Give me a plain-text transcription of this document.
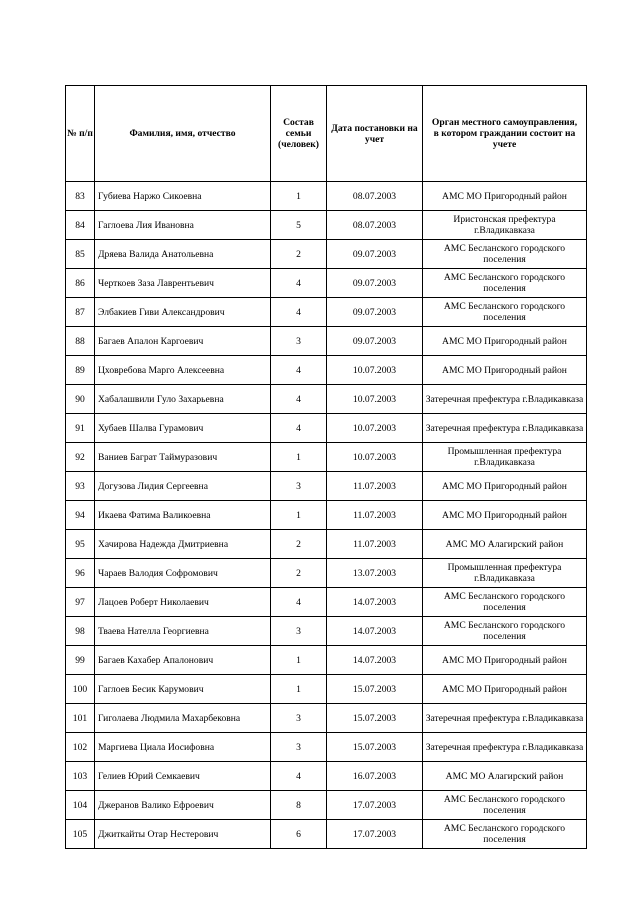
№ п/п	Фамилия, имя, отчество	Состав семьи (человек)	Дата постановки на учет	Орган местного самоуправления, в котором граждании состоит на учете
83	Губиева Наржо Сикоевна	1	08.07.2003	АМС МО Пригородный район
84	Гаглоева Лия Ивановна	5	08.07.2003	Иристонская префектура г.Владикавказа
85	Дряева Валида Анатольевна	2	09.07.2003	АМС Бесланского городского поселения
86	Черткоев Заза Лаврентьевич	4	09.07.2003	АМС Бесланского городского поселения
87	Элбакиев Гиви Александрович	4	09.07.2003	АМС Бесланского городского поселения
88	Багаев Апалон Каргоевич	3	09.07.2003	АМС МО Пригородный район
89	Цховребова Марго Алексеевна	4	10.07.2003	АМС МО Пригородный район
90	Хабалашвили Гуло Захарьевна	4	10.07.2003	Затеречная префектура г.Владикавказа
91	Хубаев Шалва Гурамович	4	10.07.2003	Затеречная префектура г.Владикавказа
92	Ваниев Баграт Таймуразович	1	10.07.2003	Промышленная префектура г.Владикавказа
93	Догузова Лидия Сергеевна	3	11.07.2003	АМС МО Пригородный район
94	Икаева Фатима Валикоевна	1	11.07.2003	АМС МО Пригородный район
95	Хачирова Надежда Дмитриевна	2	11.07.2003	АМС МО Алагирский район
96	Чараев Валодия Софромович	2	13.07.2003	Промышленная префектура г.Владикавказа
97	Лацоев Роберт Николаевич	4	14.07.2003	АМС Бесланского городского поселения
98	Тваева Нателла Георгиевна	3	14.07.2003	АМС Бесланского городского поселения
99	Багаев Кахабер Апалонович	1	14.07.2003	АМС МО Пригородный район
100	Гаглоев Бесик Карумович	1	15.07.2003	АМС МО Пригородный район
101	Гиголаева Людмила Махарбековна	3	15.07.2003	Затеречная префектура г.Владикавказа
102	Маргиева Циала Иосифовна	3	15.07.2003	Затеречная префектура г.Владикавказа
103	Гелиев Юрий Семкаевич	4	16.07.2003	АМС МО Алагирский район
104	Джеранов Валико Ефроевич	8	17.07.2003	АМС Бесланского городского поселения
105	Джиткайты Отар Нестерович	6	17.07.2003	АМС Бесланского городского поселения
